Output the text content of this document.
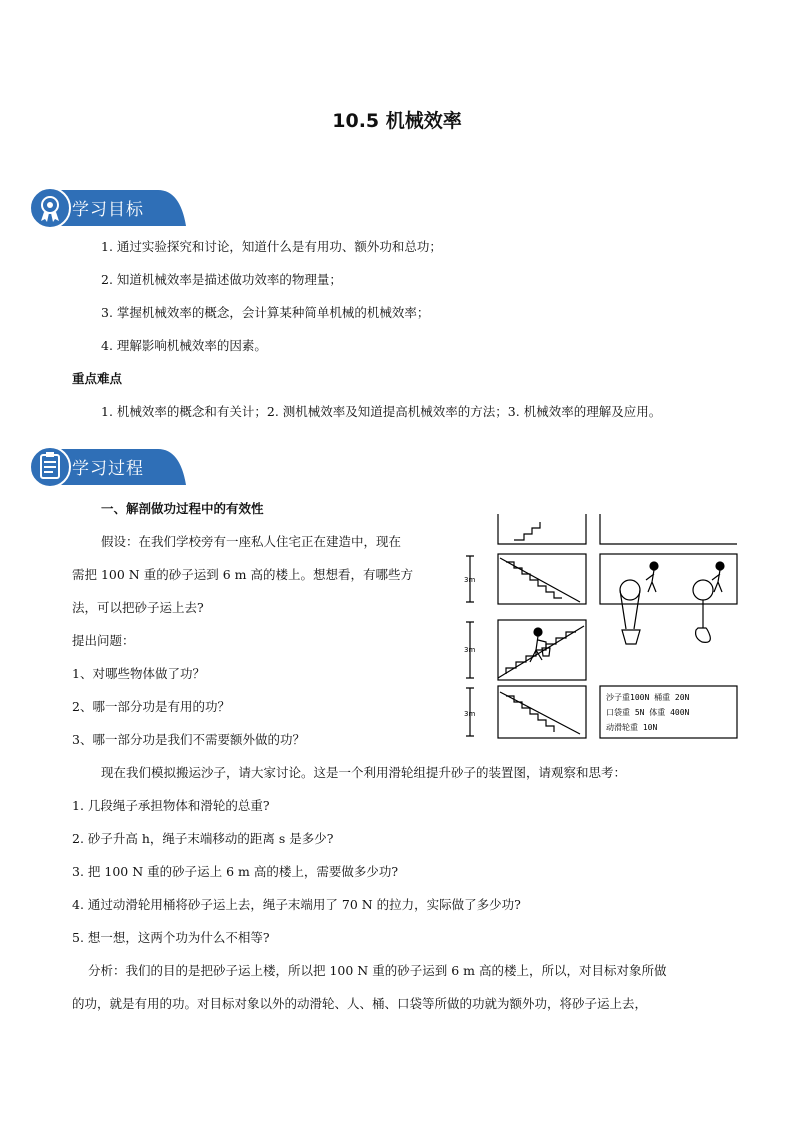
10.5 机械效率
学习目标
1. 通过实验探究和讨论，知道什么是有用功、额外功和总功；
2. 知道机械效率是描述做功效率的物理量；
3. 掌握机械效率的概念，会计算某种简单机械的机械效率；
4. 理解影响机械效率的因素。
重点难点
1. 机械效率的概念和有关计；2. 测机械效率及知道提高机械效率的方法；3. 机械效率的理解及应用。
学习过程
一、解剖做功过程中的有效性
假设：在我们学校旁有一座私人住宅正在建造中，现在
需把 100 N 重的砂子运到 6 m 高的楼上。想想看，有哪些方
法，可以把砂子运上去?
提出问题：
1、对哪些物体做了功？
2、哪一部分功是有用的功？
3、哪一部分功是我们不需要额外做的功？
现在我们模拟搬运沙子，请大家讨论。这是一个利用滑轮组提升砂子的装置图，请观察和思考：
1. 几段绳子承担物体和滑轮的总重?
2. 砂子升高 h，绳子末端移动的距离 s 是多少?
3. 把 100 N 重的砂子运上 6 m 高的楼上，需要做多少功?
4. 通过动滑轮用桶将砂子运上去，绳子末端用了 70 N 的拉力，实际做了多少功?
5. 想一想，这两个功为什么不相等?
分析：我们的目的是把砂子运上楼，所以把 100 N 重的砂子运到 6 m 高的楼上，所以，对目标对象所做
的功，就是有用的功。对目标对象以外的动滑轮、人、桶、口袋等所做的功就为额外功，将砂子运上去，
3m
3m
3m
沙子重100N 桶重 20N
口袋重 5N 体重 400N
动滑轮重 10N
